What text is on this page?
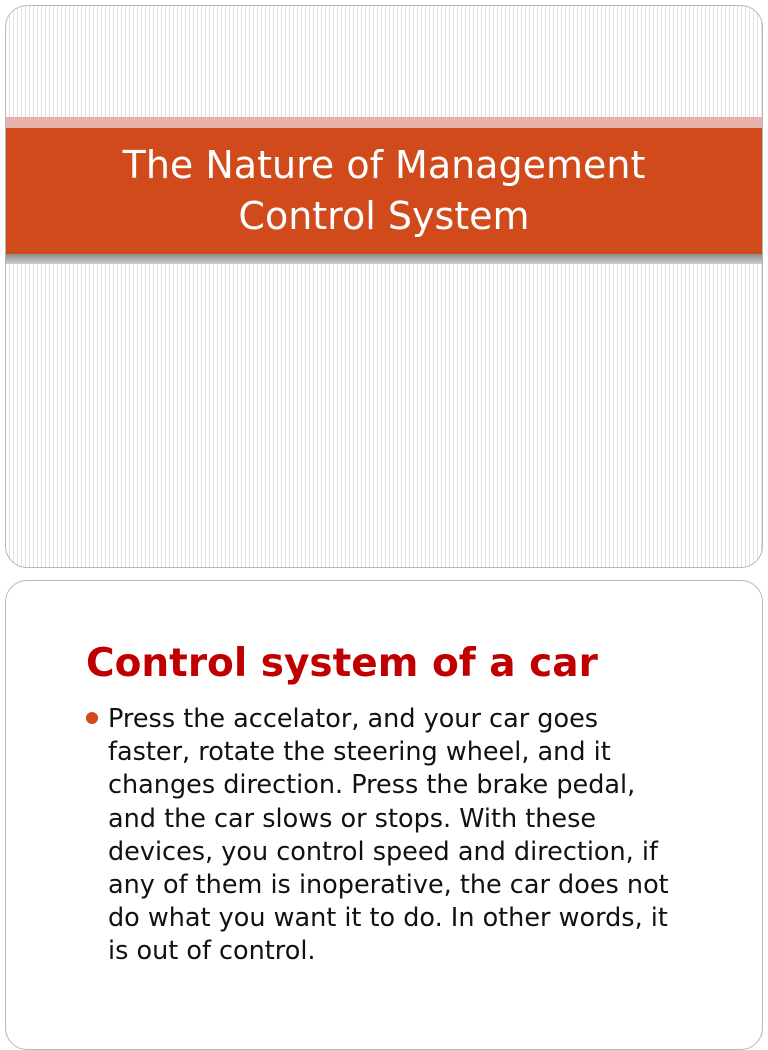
The Nature of Management
Control System
Control system of a car

Press the accelator, and your car goes
faster, rotate the steering wheel, and it
changes direction. Press the brake pedal,
and the car slows or stops. With these
devices, you control speed and direction, if
any of them is inoperative, the car does not
do what you want it to do. In other words, it
is out of control.
